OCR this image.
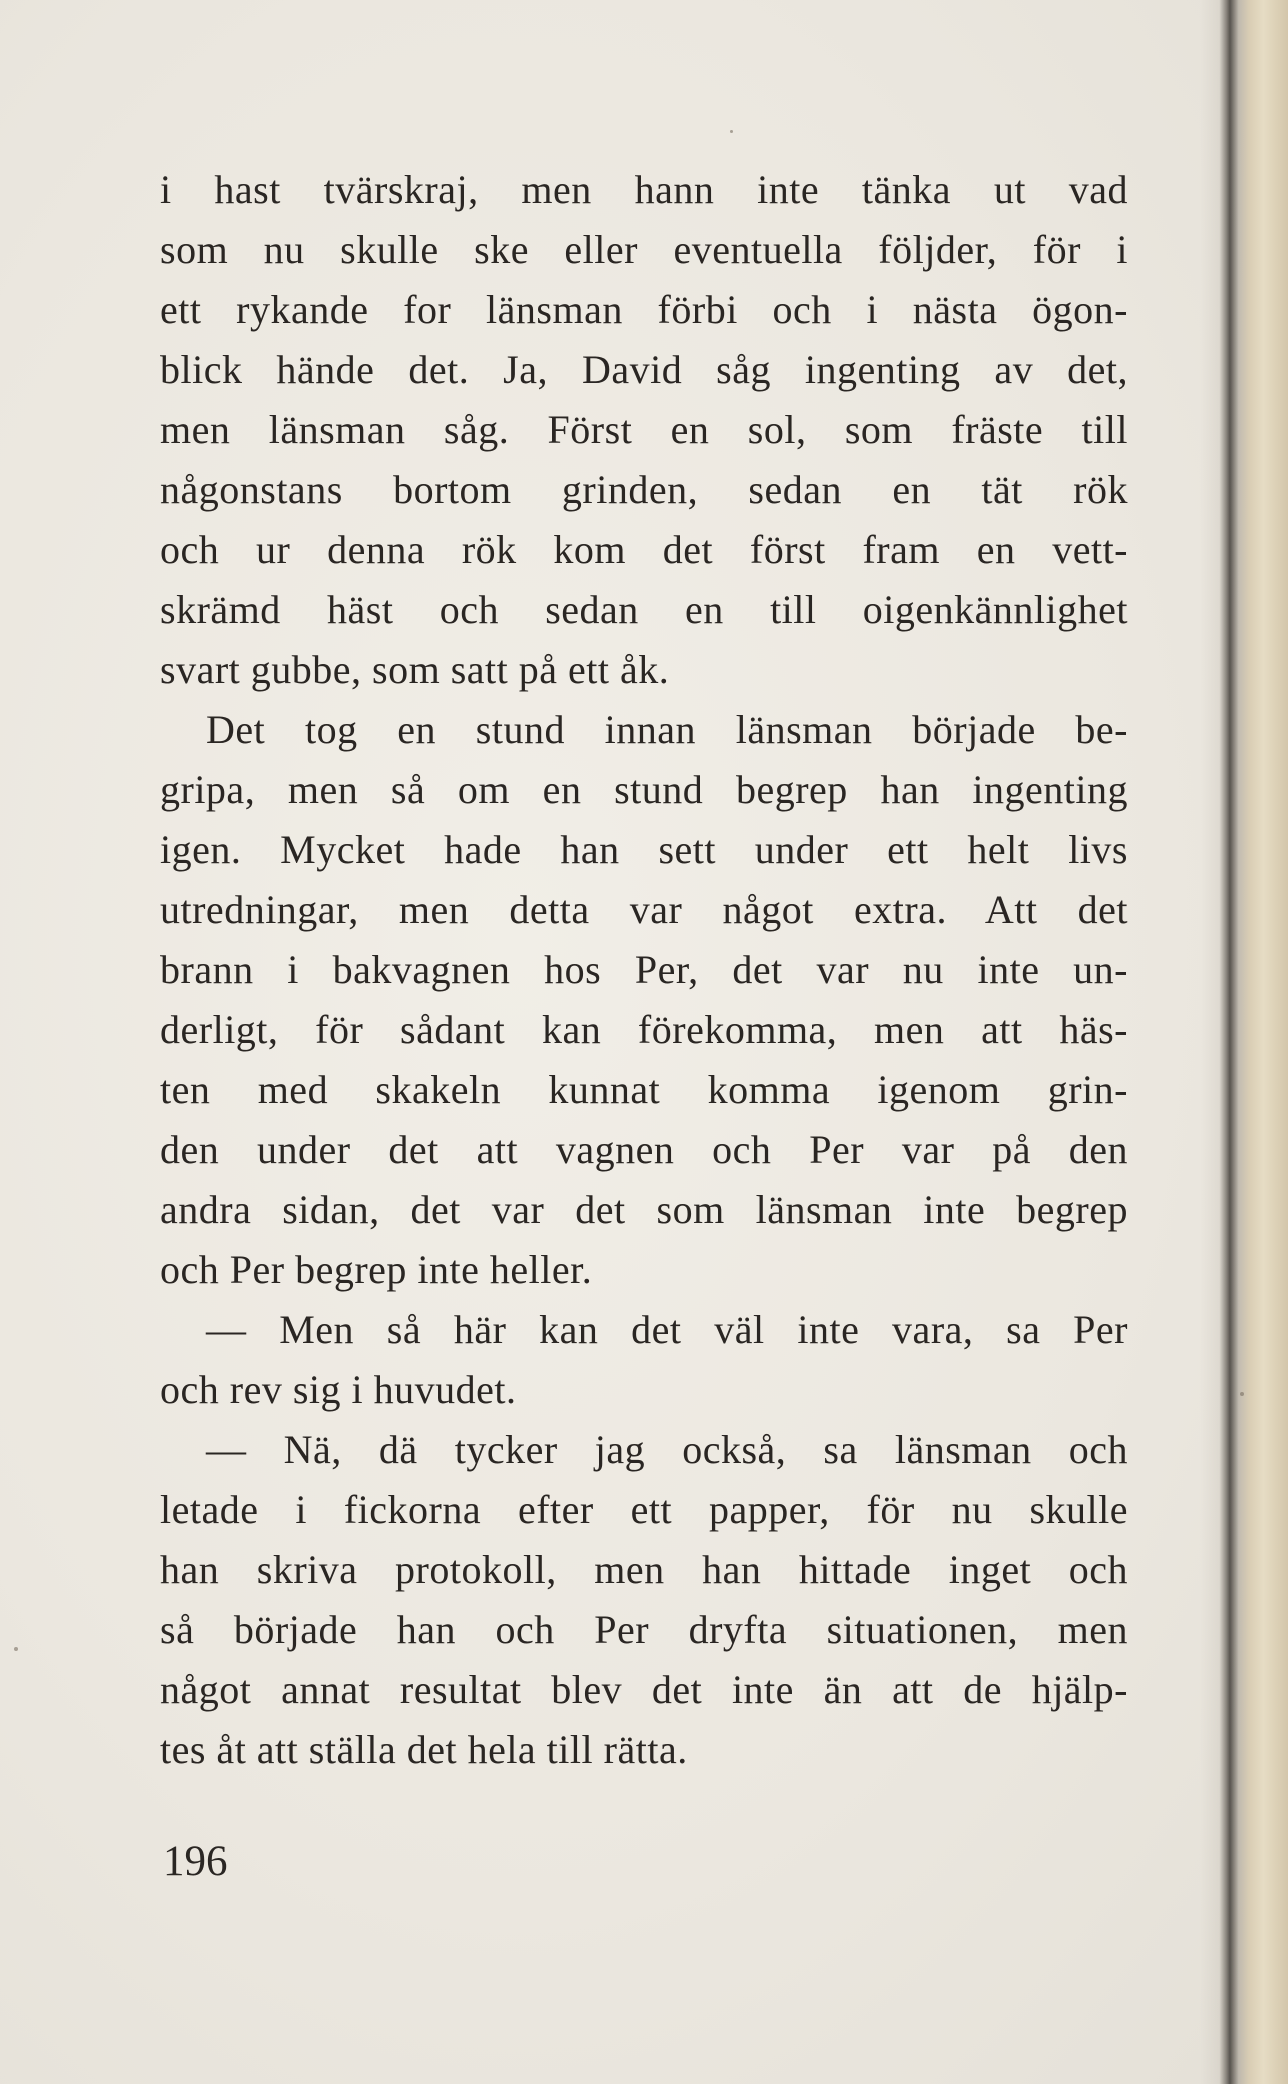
i hast tvärskraj, men hann inte tänka ut vad
som nu skulle ske eller eventuella följder, för i
ett rykande for länsman förbi och i nästa ögon-
blick hände det. Ja, David såg ingenting av det,
men länsman såg. Först en sol, som fräste till
någonstans bortom grinden, sedan en tät rök
och ur denna rök kom det först fram en vett-
skrämd häst och sedan en till oigenkännlighet
svart gubbe, som satt på ett åk.
Det tog en stund innan länsman började be-
gripa, men så om en stund begrep han ingenting
igen. Mycket hade han sett under ett helt livs
utredningar, men detta var något extra. Att det
brann i bakvagnen hos Per, det var nu inte un-
derligt, för sådant kan förekomma, men att häs-
ten med skakeln kunnat komma igenom grin-
den under det att vagnen och Per var på den
andra sidan, det var det som länsman inte begrep
och Per begrep inte heller.
— Men så här kan det väl inte vara, sa Per
och rev sig i huvudet.
— Nä, dä tycker jag också, sa länsman och
letade i fickorna efter ett papper, för nu skulle
han skriva protokoll, men han hittade inget och
så började han och Per dryfta situationen, men
något annat resultat blev det inte än att de hjälp-
tes åt att ställa det hela till rätta.
196
